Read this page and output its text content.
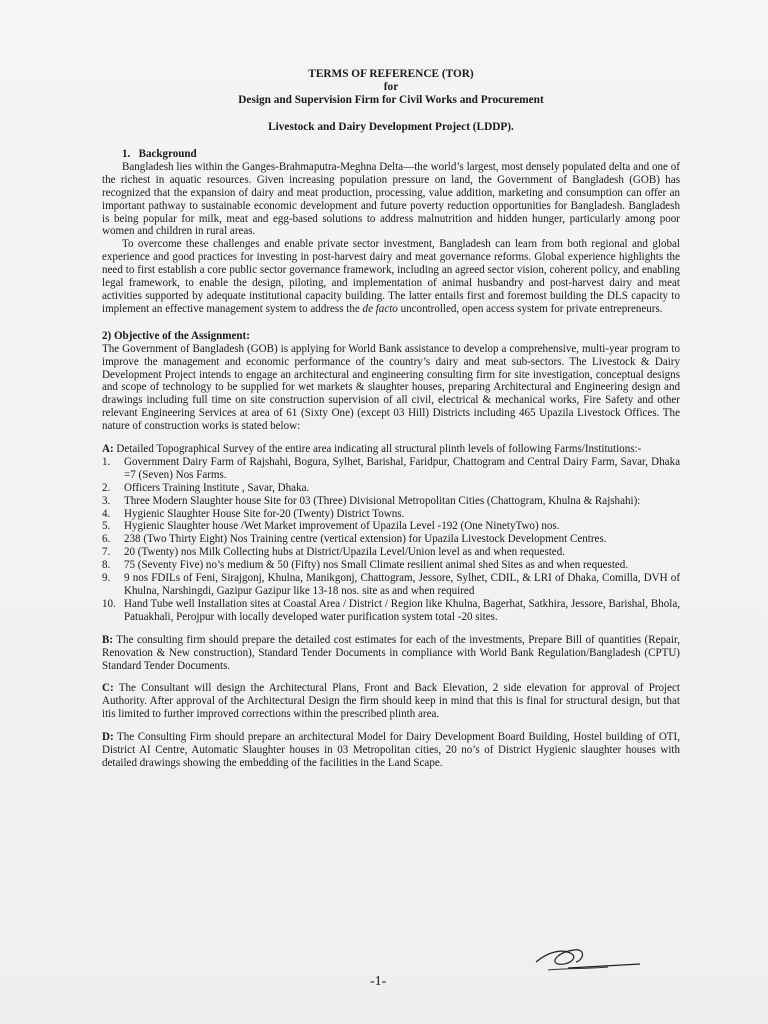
TERMS OF REFERENCE (TOR)

for

Design and Supervision Firm for Civil Works and Procurement

Livestock and Dairy Development Project (LDDP).

1.   Background

Bangladesh lies within the Ganges-Brahmaputra-Meghna Delta—the world’s largest, most densely populated delta and one of the richest in aquatic resources. Given increasing population pressure on land, the Government of Bangladesh (GOB) has recognized that the expansion of dairy and meat production, processing, value addition, marketing and consumption can offer an important pathway to sustainable economic development and future poverty reduction opportunities for Bangladesh. Bangladesh is being popular for milk, meat and egg-based solutions to address malnutrition and hidden hunger, particularly among poor women and children in rural areas.

To overcome these challenges and enable private sector investment, Bangladesh can learn from both regional and global experience and good practices for investing in post-harvest dairy and meat governance reforms. Global experience highlights the need to first establish a core public sector governance framework, including an agreed sector vision, coherent policy, and enabling legal framework, to enable the design, piloting, and implementation of animal husbandry and post-harvest dairy and meat activities supported by adequate institutional capacity building. The latter entails first and foremost building the DLS capacity to implement an effective management system to address the de facto uncontrolled, open access system for private entrepreneurs.

2) Objective of the Assignment:

The Government of Bangladesh (GOB) is applying for World Bank assistance to develop a comprehensive, multi-year program to improve the management and economic performance of the country’s dairy and meat sub-sectors. The Livestock & Dairy Development Project intends to engage an architectural and engineering consulting firm for site investigation, conceptual designs and scope of technology to be supplied for wet markets & slaughter houses, preparing Architectural and Engineering design and drawings including full time on site construction supervision of all civil, electrical & mechanical works, Fire Safety and other relevant Engineering Services at area of 61 (Sixty One) (except 03 Hill) Districts including 465 Upazila Livestock Offices. The nature of construction works is stated below:

A: Detailed Topographical Survey of the entire area indicating all structural plinth levels of following Farms/Institutions:-

1.	Government Dairy Farm of Rajshahi, Bogura, Sylhet, Barishal, Faridpur, Chattogram and Central Dairy Farm, Savar, Dhaka =7 (Seven) Nos Farms.
2.	Officers Training Institute , Savar, Dhaka.
3.	Three Modern Slaughter house Site for 03 (Three) Divisional Metropolitan Cities (Chattogram, Khulna & Rajshahi):
4.	Hygienic Slaughter House Site for-20 (Twenty) District Towns.
5.	Hygienic Slaughter house /Wet Market improvement of Upazila Level -192 (One NinetyTwo) nos.
6.	238 (Two Thirty Eight) Nos Training centre (vertical extension) for Upazila Livestock Development Centres.
7.	20 (Twenty) nos Milk Collecting hubs at District/Upazila Level/Union level as and when requested.
8.	75 (Seventy Five) no’s medium & 50 (Fifty) nos Small Climate resilient animal shed Sites as and when requested.
9.	9 nos FDILs of Feni, Sirajgonj, Khulna, Manikgonj, Chattogram, Jessore, Sylhet, CDIL, & LRI of Dhaka, Comilla, DVH of Khulna, Narshingdi, Gazipur Gazipur like 13-18 nos. site as and when required
10. Hand Tube well Installation sites at Coastal Area / District / Region like Khulna, Bagerhat, Satkhira, Jessore, Barishal, Bhola, Patuakhali, Perojpur with locally developed water purification system total -20 sites.

B: The consulting firm should prepare the detailed cost estimates for each of the investments, Prepare Bill of quantities (Repair, Renovation & New construction), Standard Tender Documents in compliance with World Bank Regulation/Bangladesh (CPTU) Standard Tender Documents.

C: The Consultant will design the Architectural Plans, Front and Back Elevation, 2 side elevation for approval of Project Authority. After approval of the Architectural Design the firm should keep in mind that this is final for structural design, but that itis limited to further improved corrections within the prescribed plinth area.

D: The Consulting Firm should prepare an architectural Model for Dairy Development Board Building, Hostel building of OTI, District AI Centre, Automatic Slaughter houses in 03 Metropolitan cities, 20 no’s of District Hygienic slaughter houses with detailed drawings showing the embedding of the facilities in the Land Scape.

-1-
